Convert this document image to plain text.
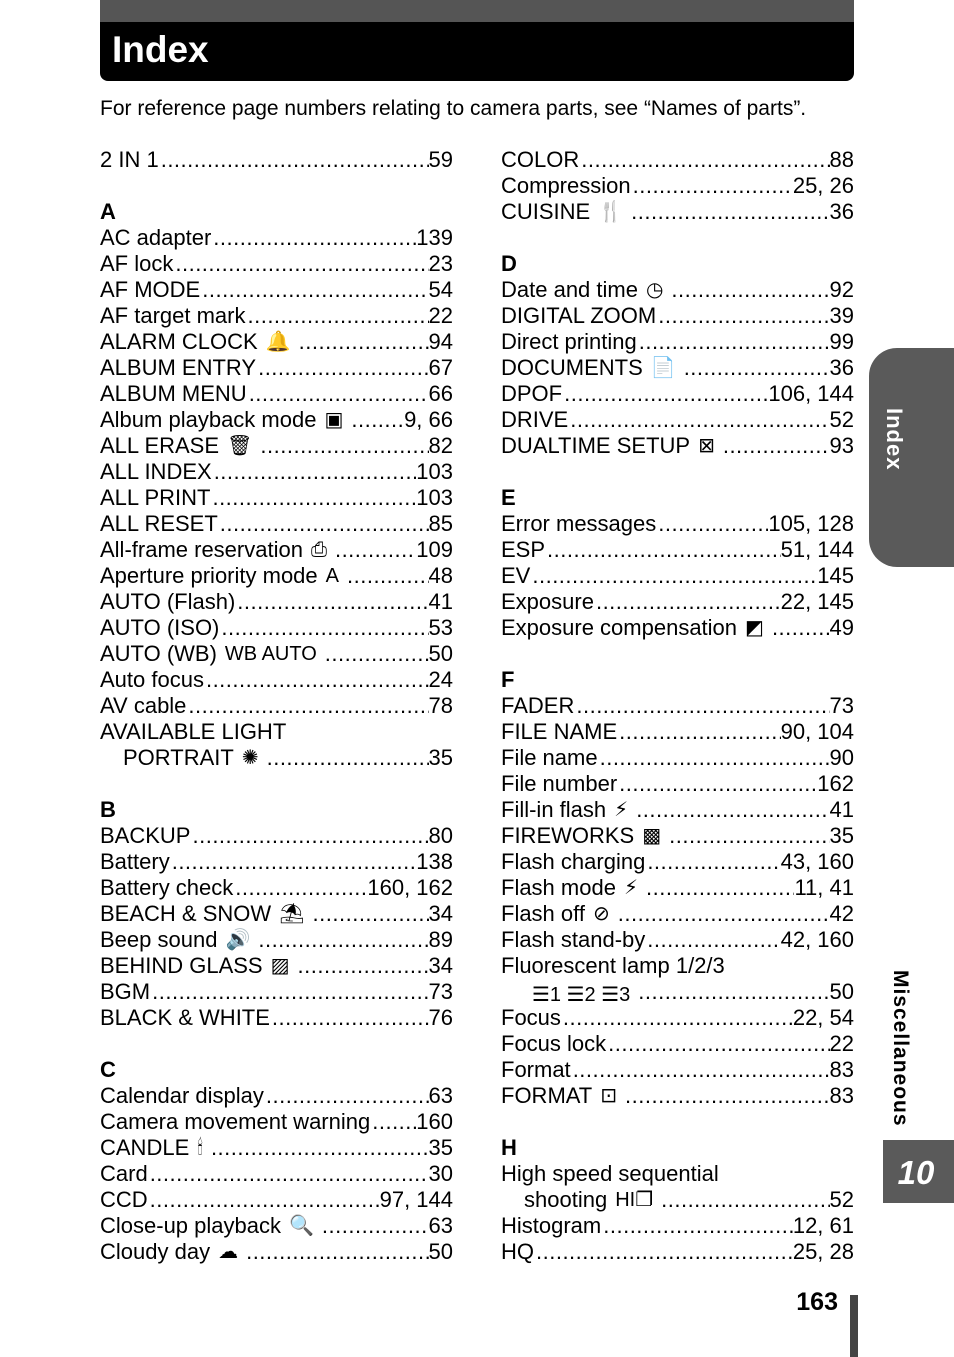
Index
For reference page numbers relating to camera parts, see “Names of parts”.
2 IN 1 .....	59
A
AC adapter .....	139
AF lock .....	23
AF MODE .....	54
AF target mark .....	22
ALARM CLOCK 🔔 .....	94
ALBUM ENTRY .....	67
ALBUM MENU .....	66
Album playback mode ▣ .....	9, 66
ALL ERASE 🗑 .....	82
ALL INDEX .....	103
ALL PRINT .....	103
ALL RESET .....	85
All-frame reservation ⎙ .....	109
Aperture priority mode A .....	48
AUTO (Flash) .....	41
AUTO (ISO) .....	53
AUTO (WB) WB AUTO .....	50
Auto focus .....	24
AV cable .....	78
AVAILABLE LIGHT
PORTRAIT ✺ .....	35
B
BACKUP .....	80
Battery .....	138
Battery check .....	160, 162
BEACH & SNOW ⛱ .....	34
Beep sound 🔊 .....	89
BEHIND GLASS ▨ .....	34
BGM .....	73
BLACK & WHITE .....	76
C
Calendar display .....	63
Camera movement warning ..... 160
CANDLE 🕯 .....	35
Card .....	30
CCD .....	97, 144
Close-up playback 🔍 .....	63
Cloudy day ☁ .....	50
COLOR .....	88
Compression .....	25, 26
CUISINE 🍴 .....	36
D
Date and time ◷ .....	92
DIGITAL ZOOM .....	39
Direct printing .....	99
DOCUMENTS 📄 .....	36
DPOF .....	106, 144
DRIVE .....	52
DUALTIME SETUP ⊠ .....	93
E
Error messages .....	105, 128
ESP .....	51, 144
EV .....	145
Exposure .....	22, 145
Exposure compensation ◩ .....	49
F
FADER .....	73
FILE NAME .....	90, 104
File name .....	90
File number .....	162
Fill-in flash ⚡ .....	41
FIREWORKS ▩ .....	35
Flash charging .....	43, 160
Flash mode ⚡ .....	11, 41
Flash off ⊘ .....	42
Flash stand-by .....	42, 160
Fluorescent lamp 1/2/3
☰1 ☰2 ☰3 .....	50
Focus .....	22, 54
Focus lock .....	22
Format .....	83
FORMAT ⊡ .....	83
H
High speed sequential
shooting HI❐ .....	52
Histogram .....	12, 61
HQ .....	25, 28
Index
Miscellaneous
10
163
